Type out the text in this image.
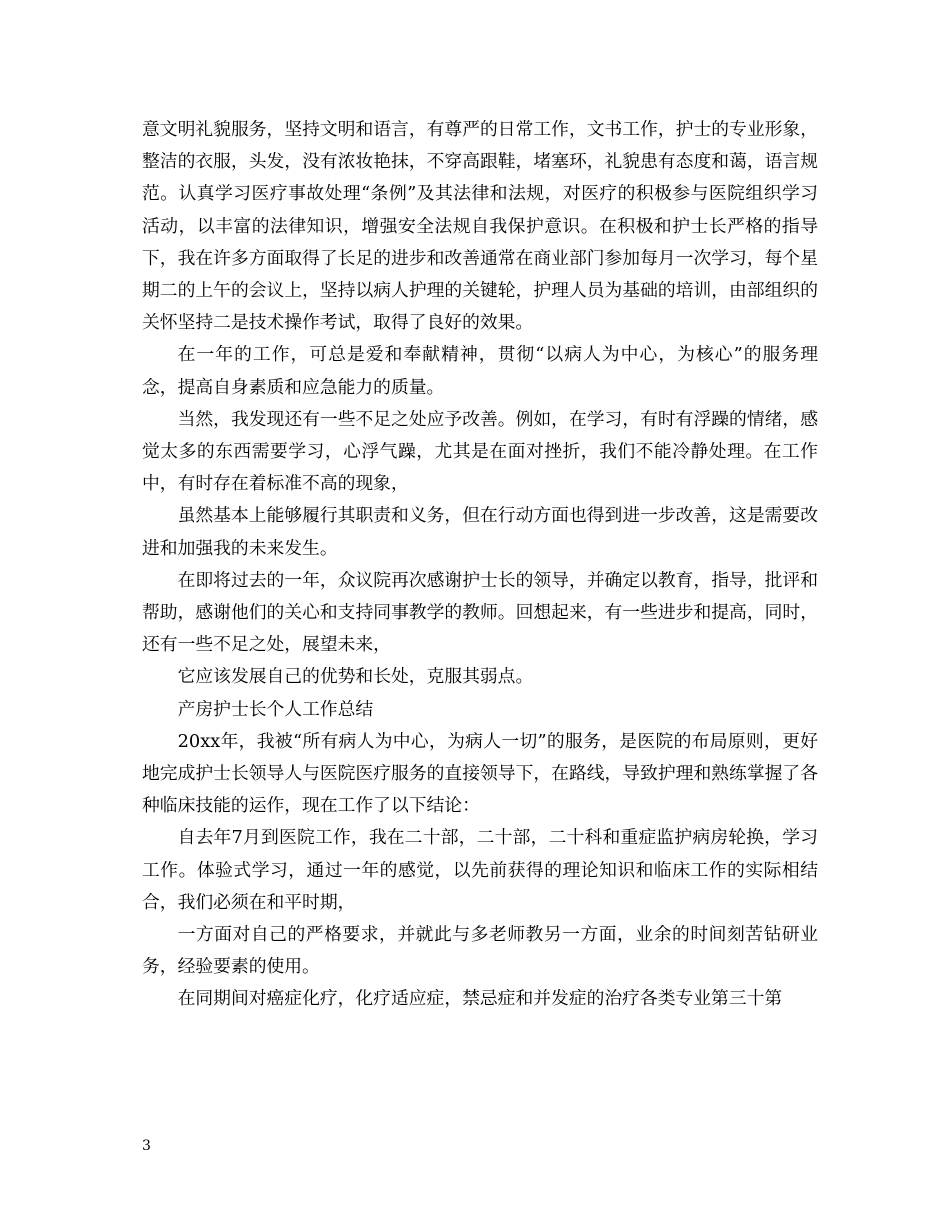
意文明礼貌服务，坚持文明和语言，有尊严的日常工作，文书工作，护士的专业形象，整洁的衣服，头发，没有浓妆艳抹，不穿高跟鞋，堵塞环，礼貌患有态度和蔼，语言规范。认真学习医疗事故处理“条例”及其法律和法规，对医疗的积极参与医院组织学习活动，以丰富的法律知识，增强安全法规自我保护意识。在积极和护士长严格的指导下，我在许多方面取得了长足的进步和改善通常在商业部门参加每月一次学习，每个星期二的上午的会议上，坚持以病人护理的关键轮，护理人员为基础的培训，由部组织的关怀坚持二是技术操作考试，取得了良好的效果。

在一年的工作，可总是爱和奉献精神，贯彻“以病人为中心，为核心”的服务理念，提高自身素质和应急能力的质量。

当然，我发现还有一些不足之处应予改善。例如，在学习，有时有浮躁的情绪，感觉太多的东西需要学习，心浮气躁，尤其是在面对挫折，我们不能冷静处理。在工作中，有时存在着标准不高的现象，

虽然基本上能够履行其职责和义务，但在行动方面也得到进一步改善，这是需要改进和加强我的未来发生。

在即将过去的一年，众议院再次感谢护士长的领导，并确定以教育，指导，批评和帮助，感谢他们的关心和支持同事教学的教师。回想起来，有一些进步和提高，同时，还有一些不足之处，展望未来，

它应该发展自己的优势和长处，克服其弱点。

产房护士长个人工作总结

20xx年，我被“所有病人为中心，为病人一切”的服务，是医院的布局原则，更好地完成护士长领导人与医院医疗服务的直接领导下，在路线，导致护理和熟练掌握了各种临床技能的运作，现在工作了以下结论：

自去年7月到医院工作，我在二十部，二十部，二十科和重症监护病房轮换，学习工作。体验式学习，通过一年的感觉，以先前获得的理论知识和临床工作的实际相结合，我们必须在和平时期，

一方面对自己的严格要求，并就此与多老师教另一方面，业余的时间刻苦钻研业务，经验要素的使用。

在同期间对癌症化疗，化疗适应症，禁忌症和并发症的治疗各类专业第三十第

3
